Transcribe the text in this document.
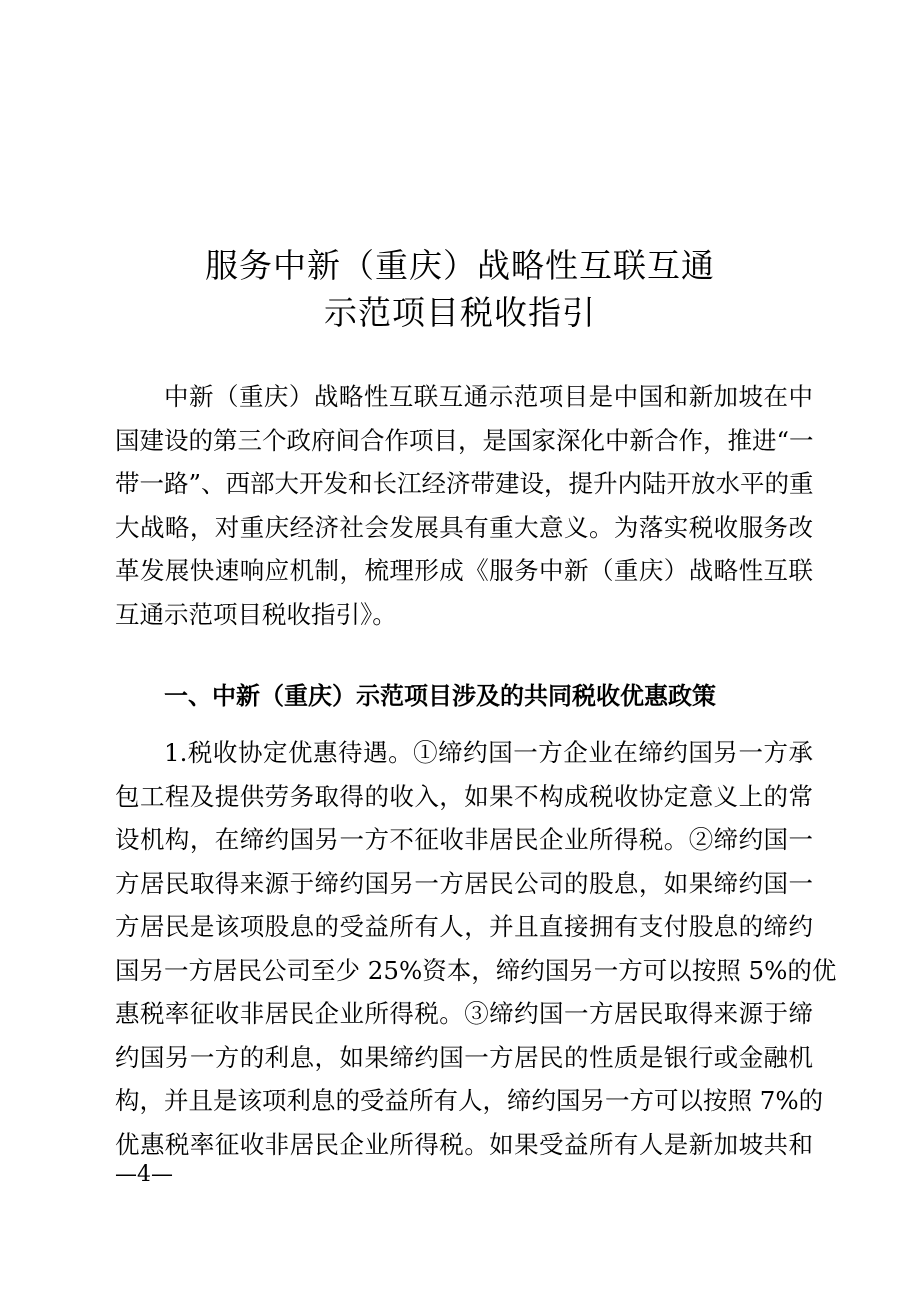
服务中新（重庆）战略性互联互通
示范项目税收指引
中新（重庆）战略性互联互通示范项目是中国和新加坡在中
国建设的第三个政府间合作项目，是国家深化中新合作，推进“一
带一路”、西部大开发和长江经济带建设，提升内陆开放水平的重
大战略，对重庆经济社会发展具有重大意义。为落实税收服务改
革发展快速响应机制，梳理形成《服务中新（重庆）战略性互联
互通示范项目税收指引》。
一、中新（重庆）示范项目涉及的共同税收优惠政策
1.税收协定优惠待遇。①缔约国一方企业在缔约国另一方承
包工程及提供劳务取得的收入，如果不构成税收协定意义上的常
设机构，在缔约国另一方不征收非居民企业所得税。②缔约国一
方居民取得来源于缔约国另一方居民公司的股息，如果缔约国一
方居民是该项股息的受益所有人，并且直接拥有支付股息的缔约
国另一方居民公司至少 25%资本，缔约国另一方可以按照 5%的优
惠税率征收非居民企业所得税。③缔约国一方居民取得来源于缔
约国另一方的利息，如果缔约国一方居民的性质是银行或金融机
构，并且是该项利息的受益所有人，缔约国另一方可以按照 7%的
优惠税率征收非居民企业所得税。如果受益所有人是新加坡共和
—4—
